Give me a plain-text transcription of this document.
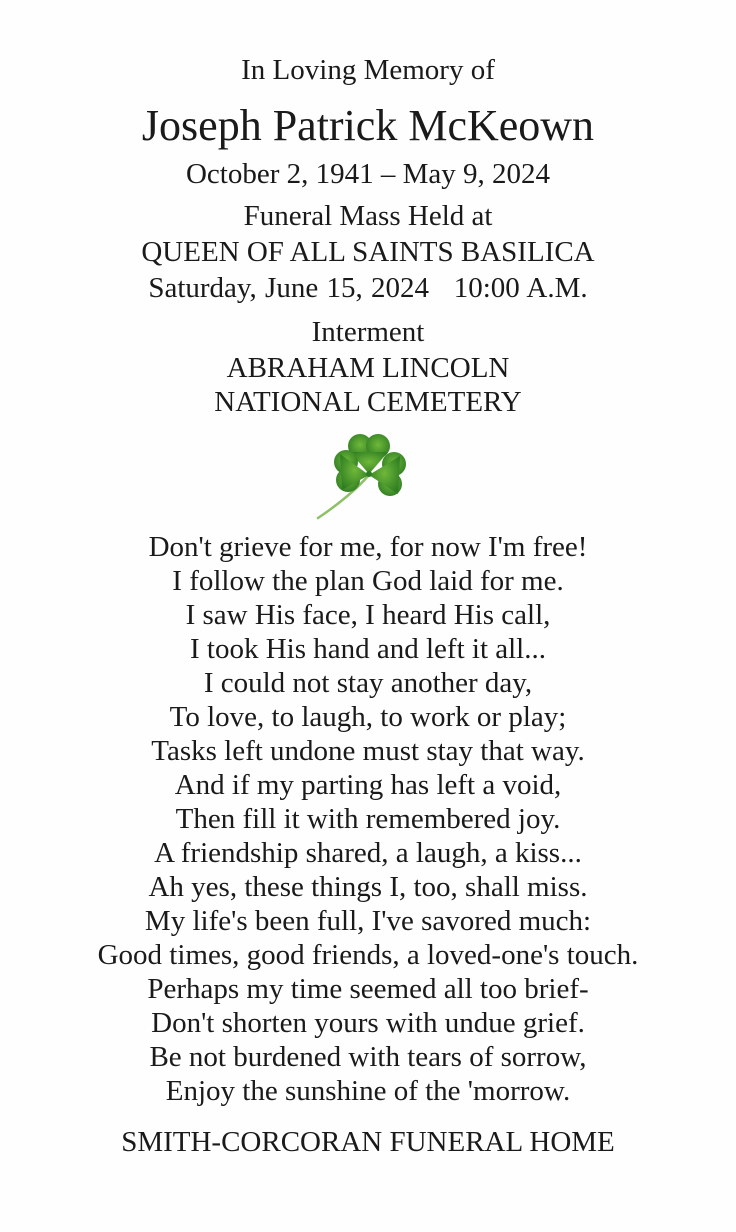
In Loving Memory of
Joseph Patrick McKeown
October 2, 1941 – May 9, 2024
Funeral Mass Held at
QUEEN OF ALL SAINTS BASILICA
Saturday, June 15, 2024   10:00 A.M.
Interment
ABRAHAM LINCOLN
NATIONAL CEMETERY
Don't grieve for me, for now I'm free!
I follow the plan God laid for me.
I saw His face, I heard His call,
I took His hand and left it all...
I could not stay another day,
To love, to laugh, to work or play;
Tasks left undone must stay that way.
And if my parting has left a void,
Then fill it with remembered joy.
A friendship shared, a laugh, a kiss...
Ah yes, these things I, too, shall miss.
My life's been full, I've savored much:
Good times, good friends, a loved-one's touch.
Perhaps my time seemed all too brief-
Don't shorten yours with undue grief.
Be not burdened with tears of sorrow,
Enjoy the sunshine of the 'morrow.
SMITH-CORCORAN FUNERAL HOME
